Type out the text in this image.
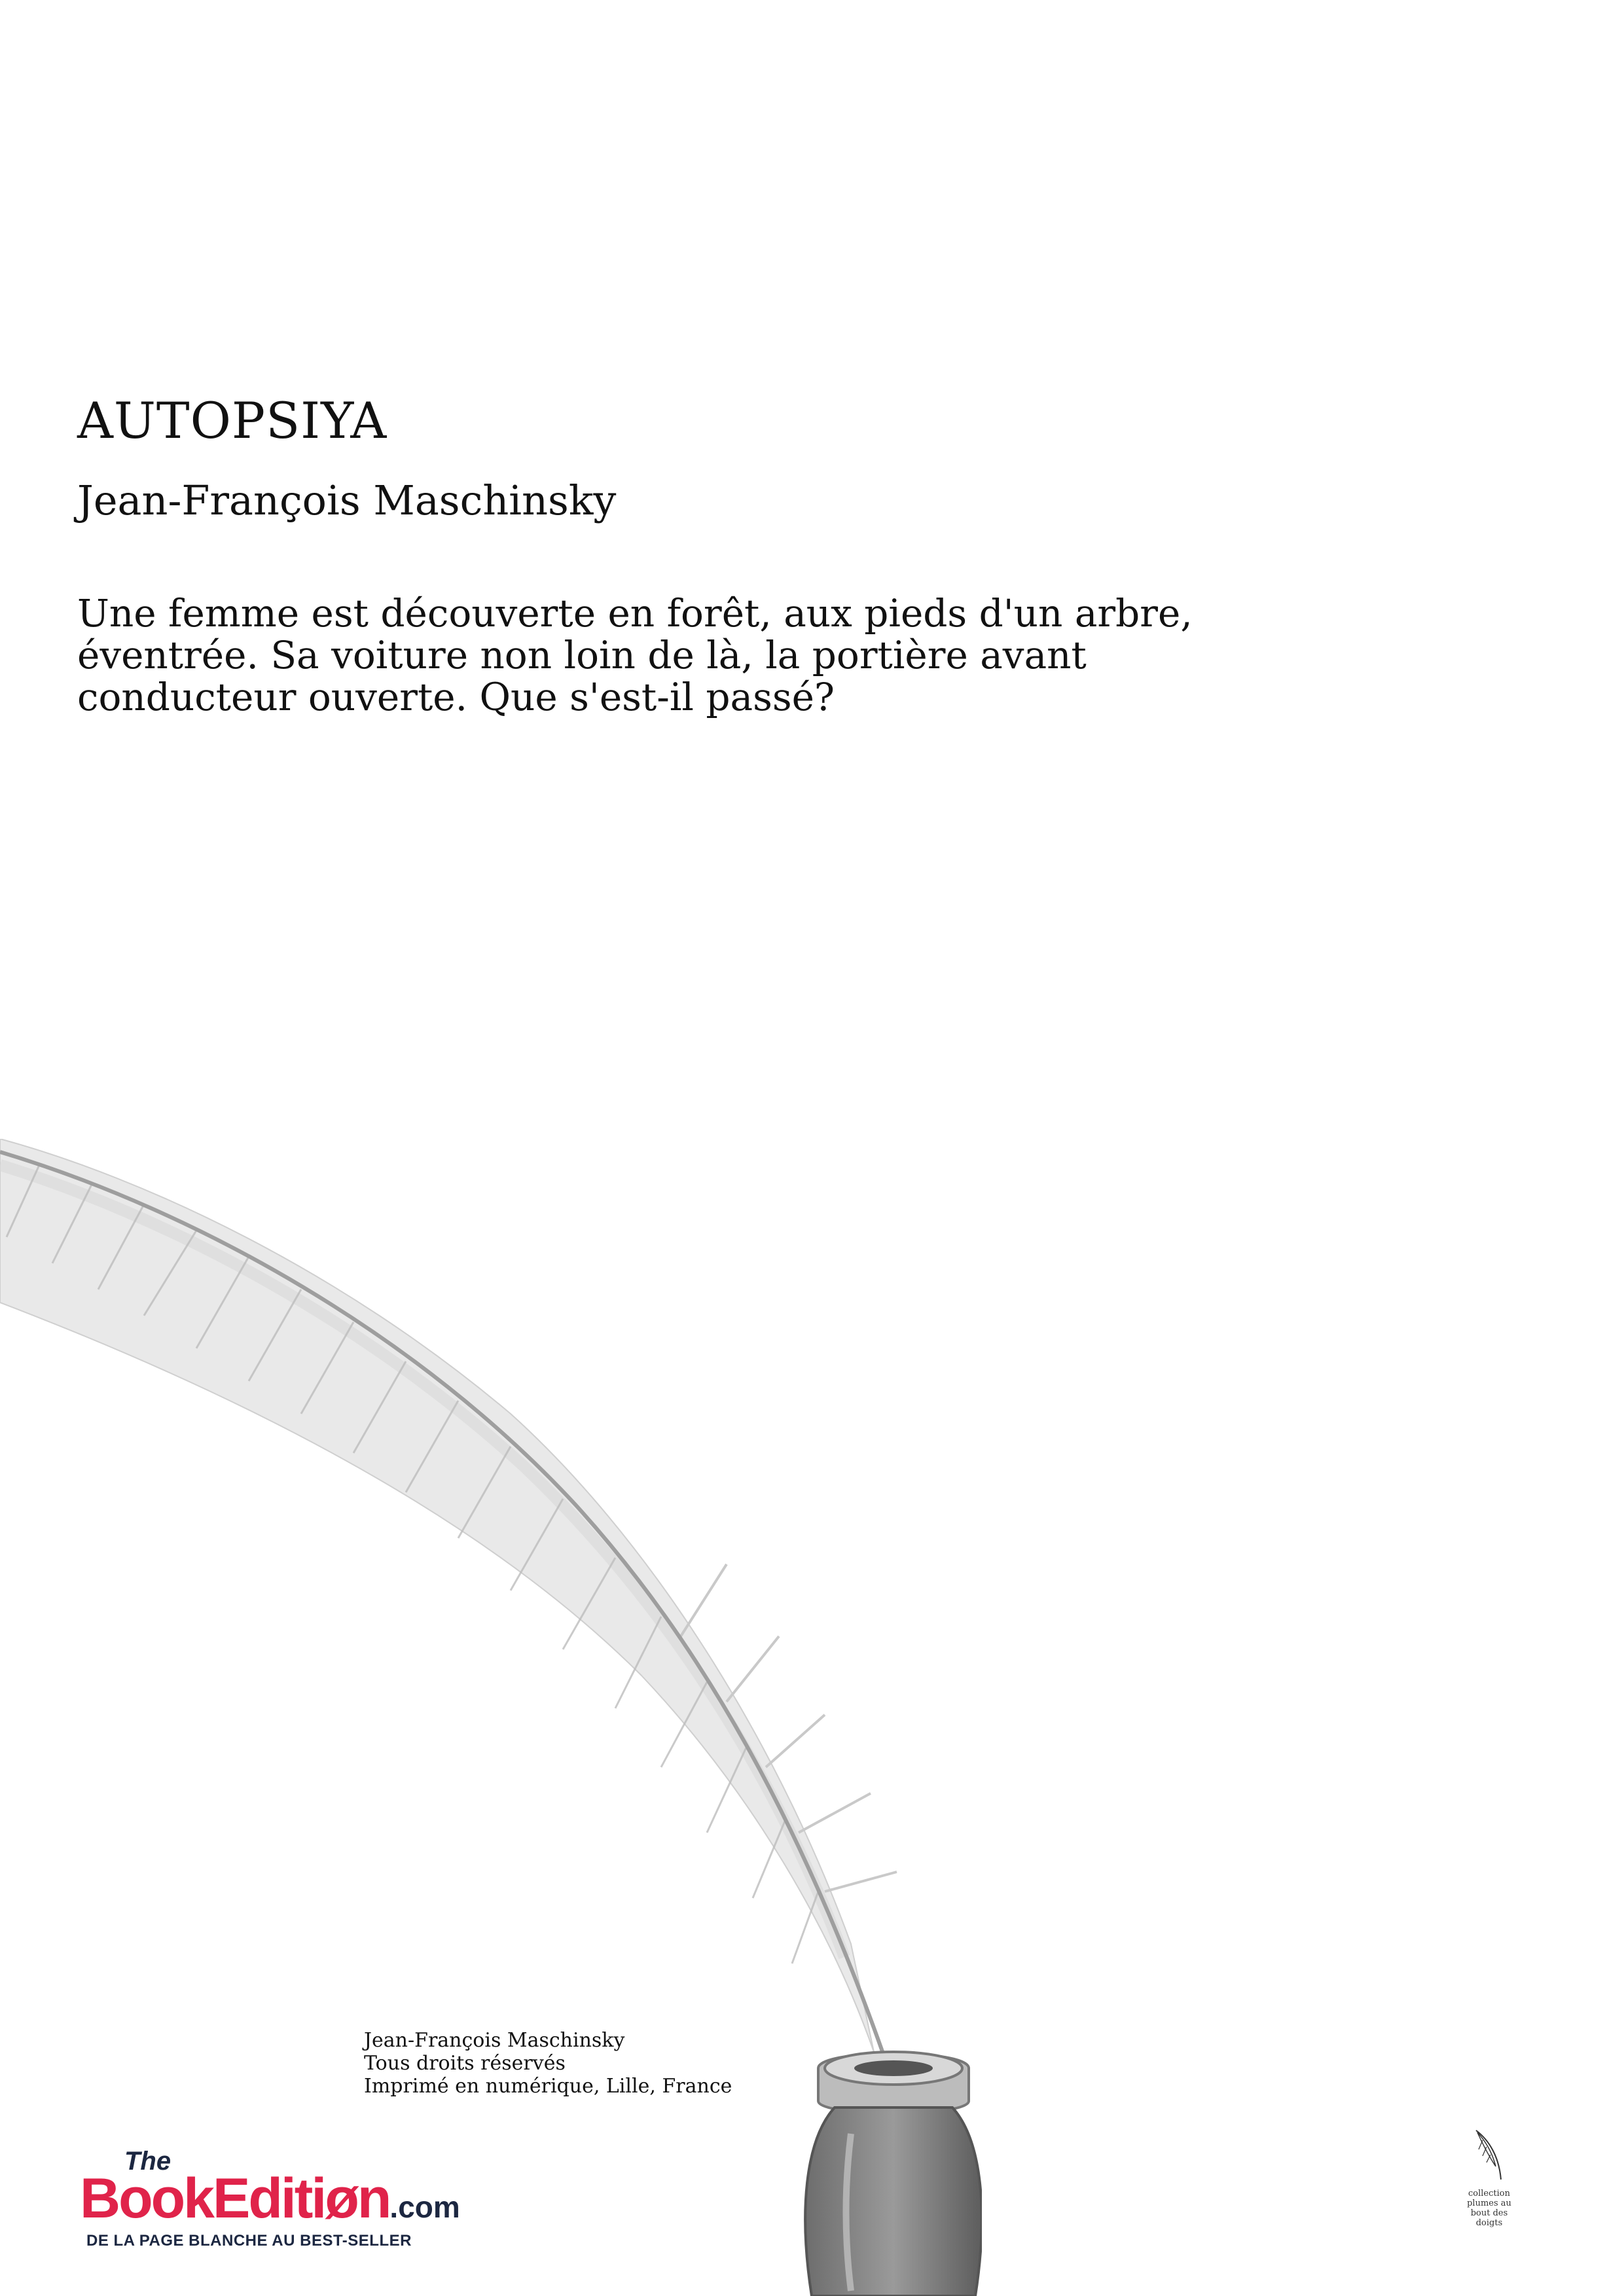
AUTOPSIYA

Jean-François Maschinsky

Une femme est découverte en forêt, aux pieds d'un arbre,
éventrée. Sa voiture non loin de là, la portière avant
conducteur ouverte. Que s'est-il passé?
Jean-François Maschinsky
Tous droits réservés
Imprimé en numérique, Lille, France
The
BookEditiøn.com
DE LA PAGE BLANCHE AU BEST-SELLER
collection
plumes au
bout des
doigts
